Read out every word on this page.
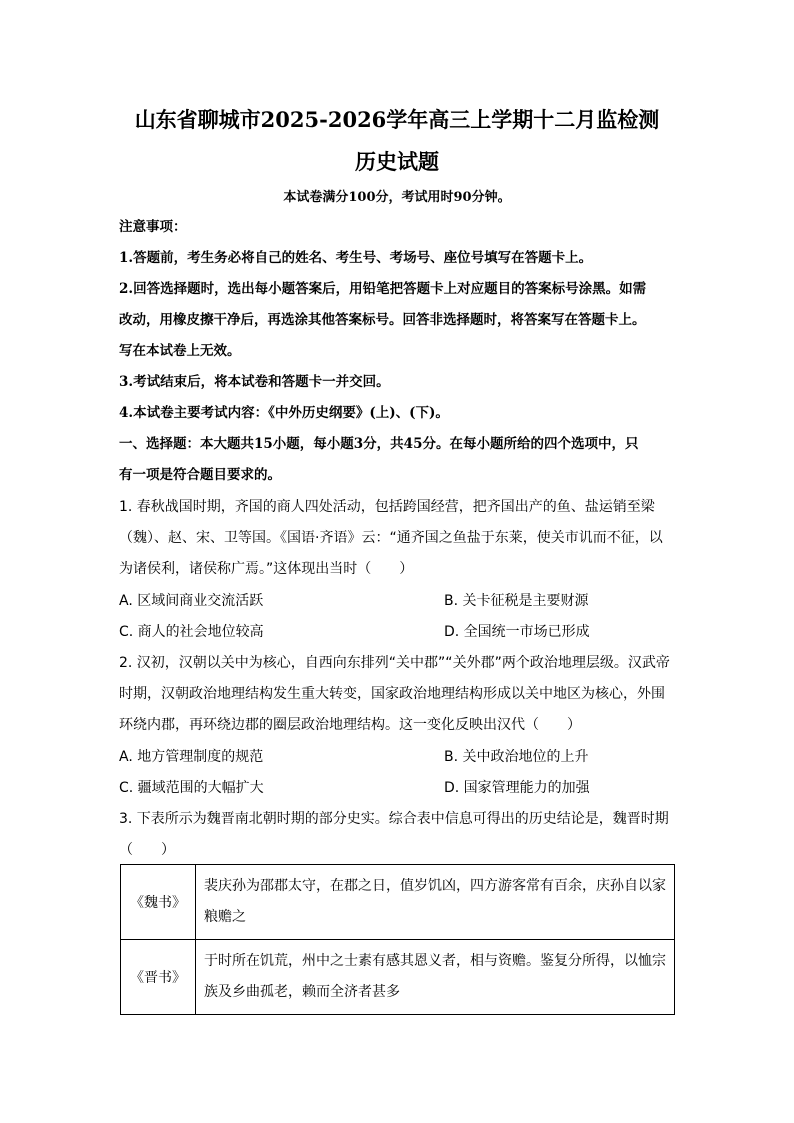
山东省聊城市2025-2026学年高三上学期十二月监检测
历史试题
本试卷满分100分，考试用时90分钟。
注意事项：
1.答题前，考生务必将自己的姓名、考生号、考场号、座位号填写在答题卡上。
2.回答选择题时，选出每小题答案后，用铅笔把答题卡上对应题目的答案标号涂黑。如需
改动，用橡皮擦干净后，再选涂其他答案标号。回答非选择题时，将答案写在答题卡上。
写在本试卷上无效。
3.考试结束后，将本试卷和答题卡一并交回。
4.本试卷主要考试内容：《中外历史纲要》(上)、(下)。
一、选择题：本大题共15小题，每小题3分，共45分。在每小题所给的四个选项中，只
有一项是符合题目要求的。
1. 春秋战国时期，齐国的商人四处活动，包括跨国经营，把齐国出产的鱼、盐运销至梁
（魏）、赵、宋、卫等国。《国语·齐语》云：“通齐国之鱼盐于东莱，使关市讥而不征，以
为诸侯利，诸侯称广焉。”这体现出当时（　　）
A. 区域间商业交流活跃	B. 关卡征税是主要财源
C. 商人的社会地位较高	D. 全国统一市场已形成
2. 汉初，汉朝以关中为核心，自西向东排列“关中郡”“关外郡”两个政治地理层级。汉武帝
时期，汉朝政治地理结构发生重大转变，国家政治地理结构形成以关中地区为核心，外围
环绕内郡，再环绕边郡的圈层政治地理结构。这一变化反映出汉代（　　）
A. 地方管理制度的规范	B. 关中政治地位的上升
C. 疆域范围的大幅扩大	D. 国家管理能力的加强
3. 下表所示为魏晋南北朝时期的部分史实。综合表中信息可得出的历史结论是，魏晋时期
（　　）
《魏书》	裴庆孙为邵郡太守，在郡之日，值岁饥凶，四方游客常有百余，庆孙自以家
粮赡之

《晋书》	于时所在饥荒，州中之士素有感其恩义者，相与资赡。鉴复分所得，以恤宗
族及乡曲孤老，赖而全济者甚多
